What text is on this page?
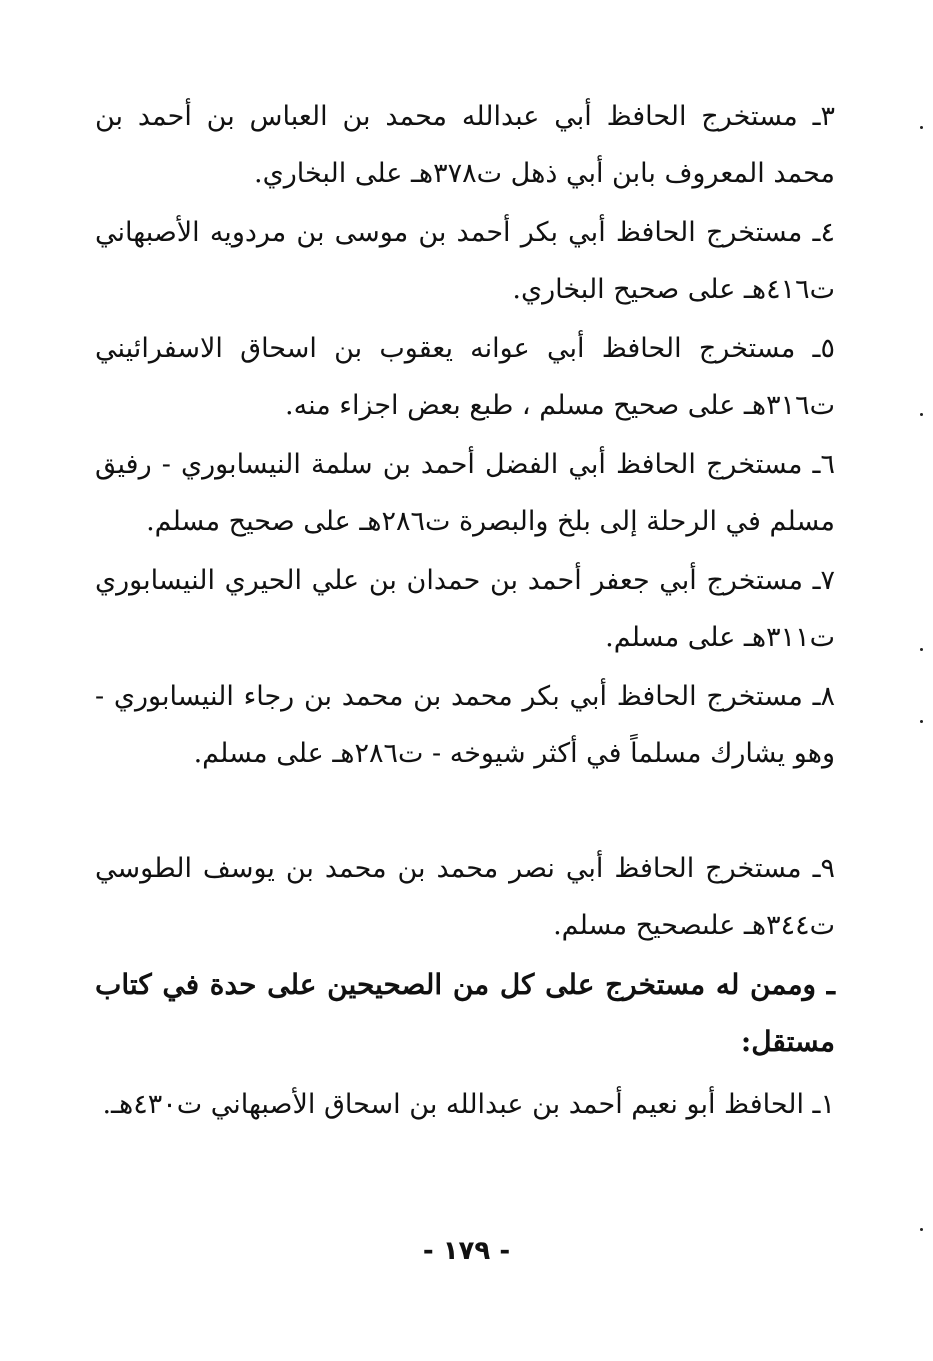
٣ـ مستخرج الحافظ أبي عبدالله محمد بن العباس بن أحمد بن محمد المعروف بابن أبي ذهل ت٣٧٨هـ على البخاري.

٤ـ مستخرج الحافظ أبي بكر أحمد بن موسى بن مردويه الأصبهاني ت٤١٦هـ على صحيح البخاري.

٥ـ مستخرج الحافظ أبي عوانه يعقوب بن اسحاق الاسفرائيني ت٣١٦هـ على صحيح مسلم ، طبع بعض اجزاء منه.

٦ـ مستخرج الحافظ أبي الفضل أحمد بن سلمة النيسابوري - رفيق مسلم في الرحلة إلى بلخ والبصرة ت٢٨٦هـ على صحيح مسلم.

٧ـ مستخرج أبي جعفر أحمد بن حمدان بن علي الحيري النيسابوري ت٣١١هـ على مسلم.

٨ـ مستخرج الحافظ أبي بكر محمد بن محمد بن رجاء النيسابوري - وهو يشارك مسلماً في أكثر شيوخه - ت٢٨٦هـ على مسلم.

٩ـ مستخرج الحافظ أبي نصر محمد بن محمد بن يوسف الطوسي ت٣٤٤هـ علىصحيح مسلم.

ـ وممن له مستخرج على كل من الصحيحين على حدة في كتاب مستقل:

١ـ الحافظ أبو نعيم أحمد بن عبدالله بن اسحاق الأصبهاني ت٤٣٠هـ.

- ١٧٩ -
